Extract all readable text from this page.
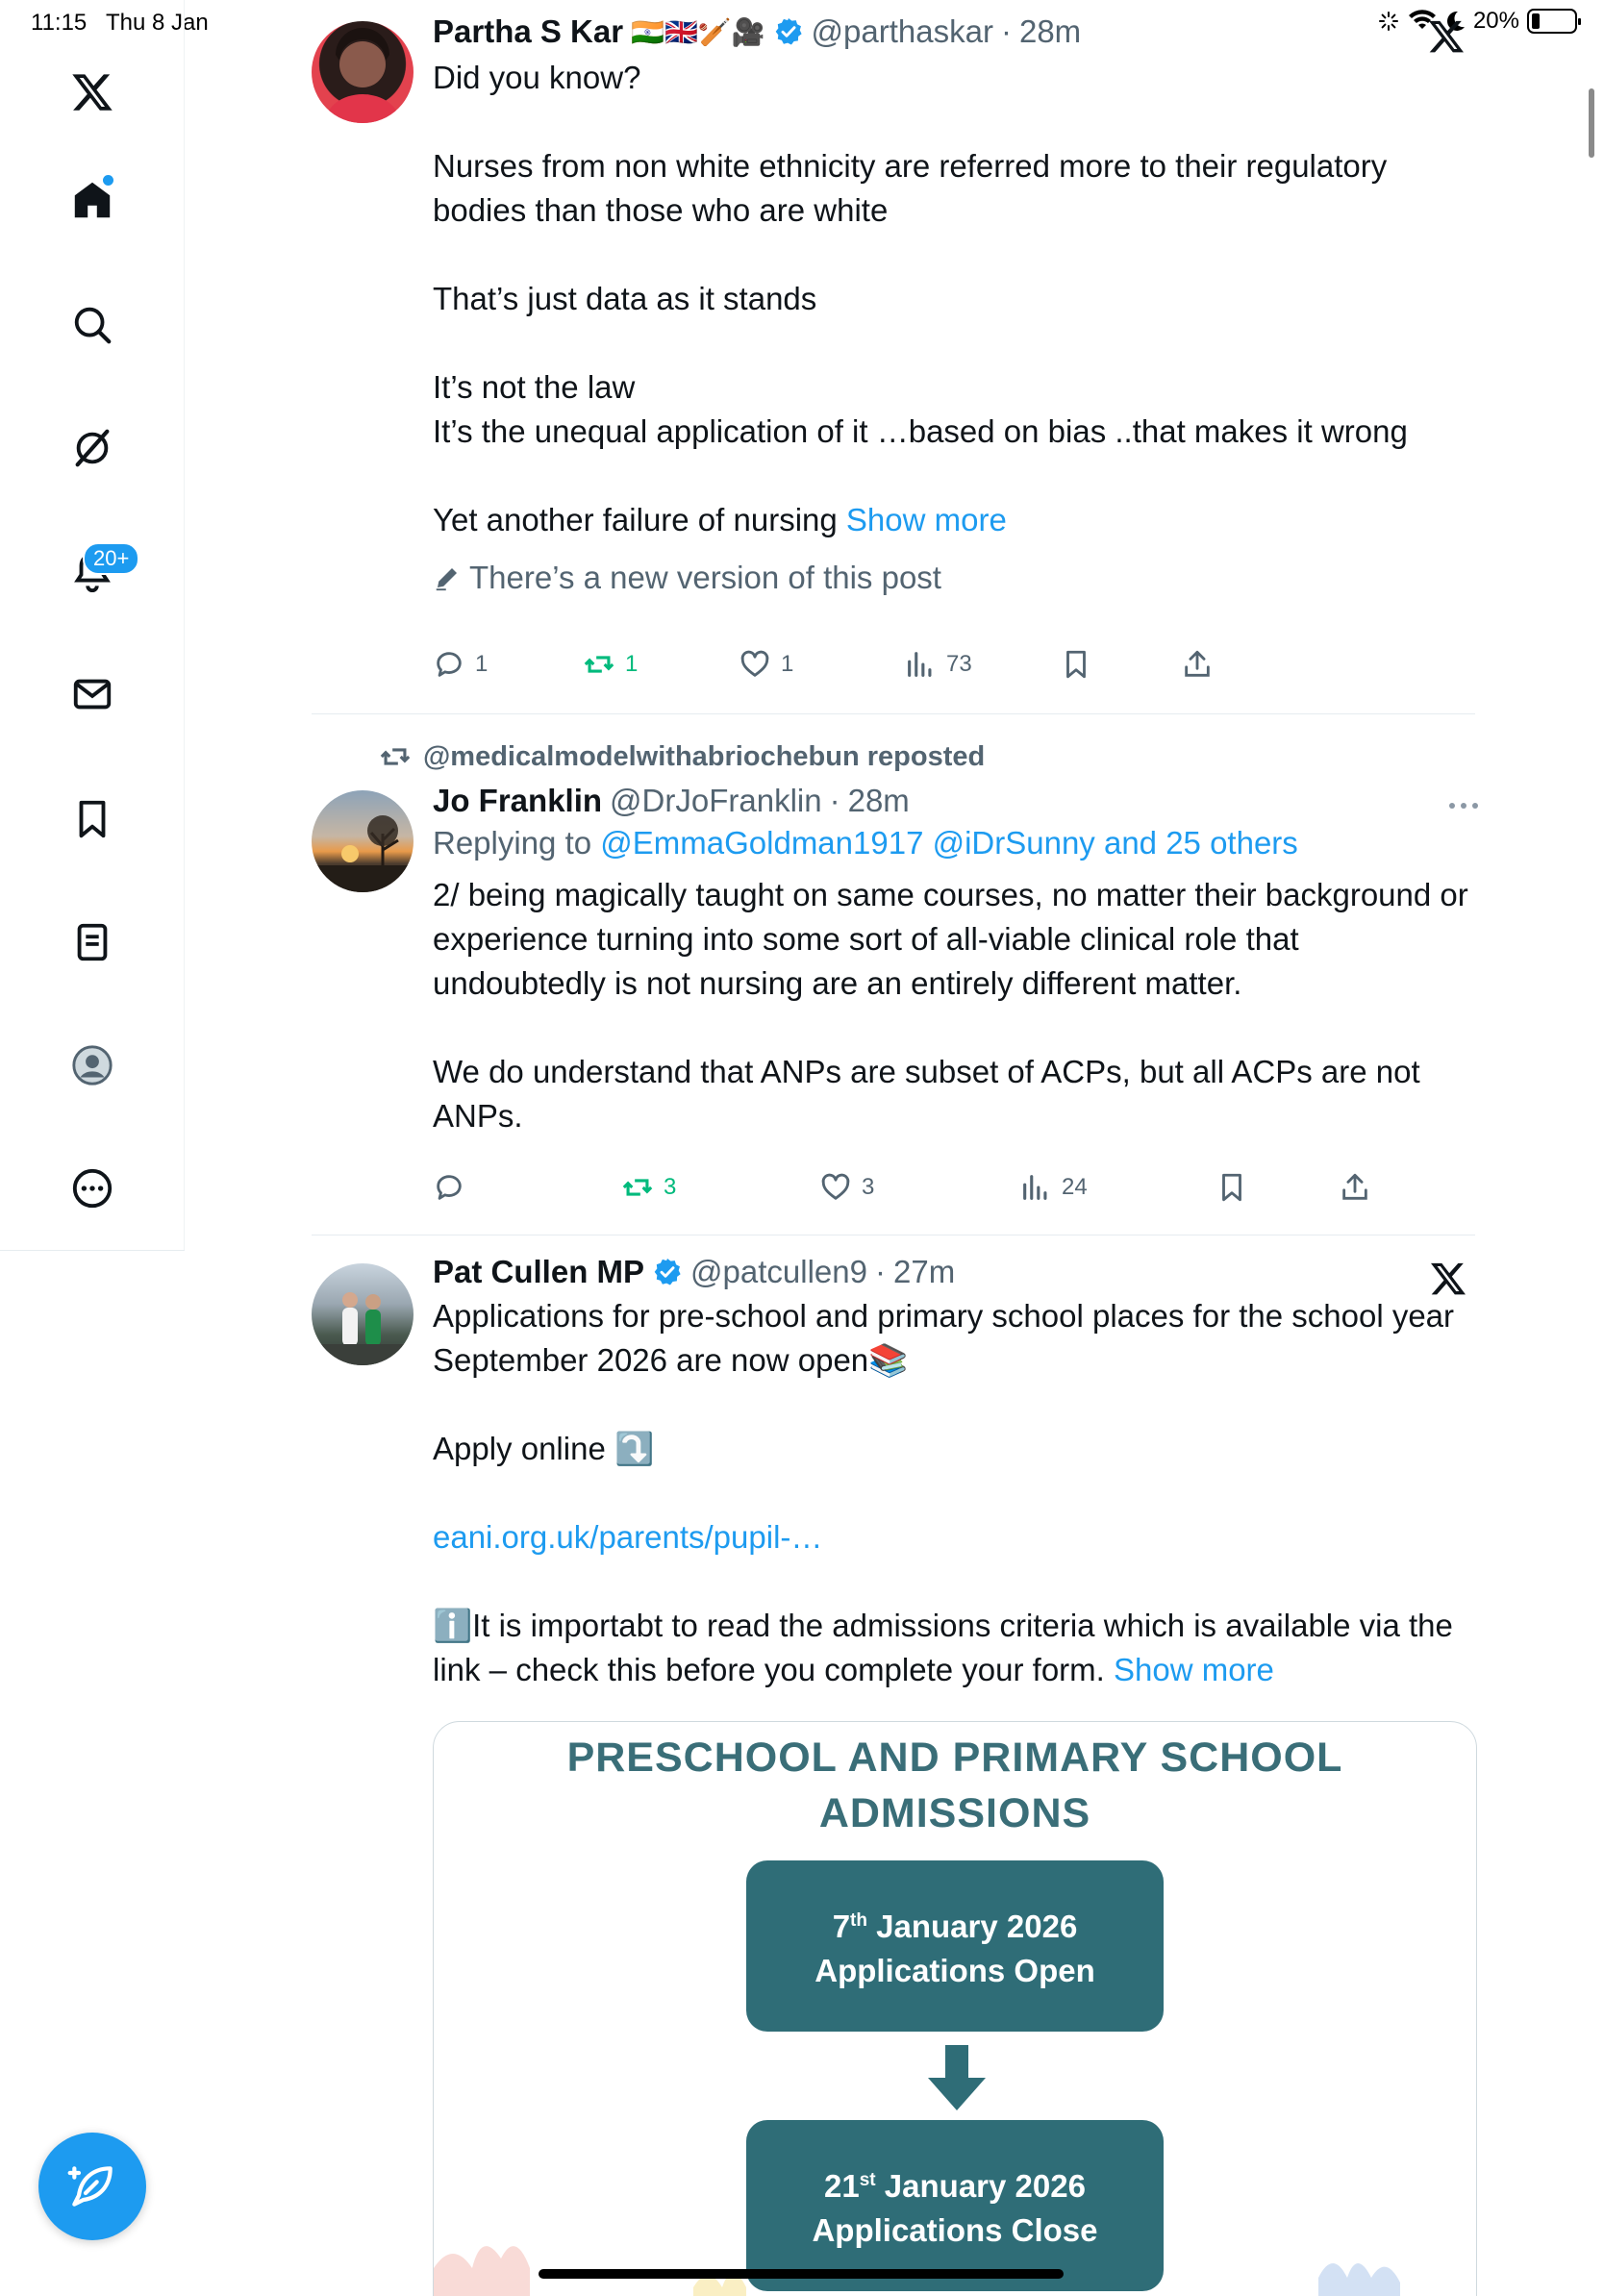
11:15 Thu 8 Jan	20%
20+
Partha S Kar 🇮🇳🇬🇧🏏🎥 @parthaskar · 28m
Did you know?

Nurses from non white ethnicity are referred more to their regulatory bodies than those who are white

That’s just data as it stands

It’s not the law
It’s the unequal application of it …based on bias ..that makes it wrong

Yet another failure of nursing Show more
There’s a new version of this post
1	1	1	73
@medicalmodelwithabriochebun reposted
Jo Franklin @DrJoFranklin · 28m
Replying to @EmmaGoldman1917 @iDrSunny and 25 others
2/ being magically taught on same courses, no matter their background or experience turning into some sort of all-viable clinical role that undoubtedly is not nursing are an entirely different matter.

We do understand that ANPs are subset of ACPs, but all ACPs are not ANPs.
3	3	24
Pat Cullen MP @patcullen9 · 27m
Applications for pre-school and primary school places for the school year September 2026 are now open📚

Apply online ⤵️

eani.org.uk/parents/pupil-…

ℹ️It is importabt to read the admissions criteria which is available via the link – check this before you complete your form. Show more
PRESCHOOL AND PRIMARY SCHOOL
ADMISSIONS
7th January 2026
Applications Open
21st January 2026
Applications Close
